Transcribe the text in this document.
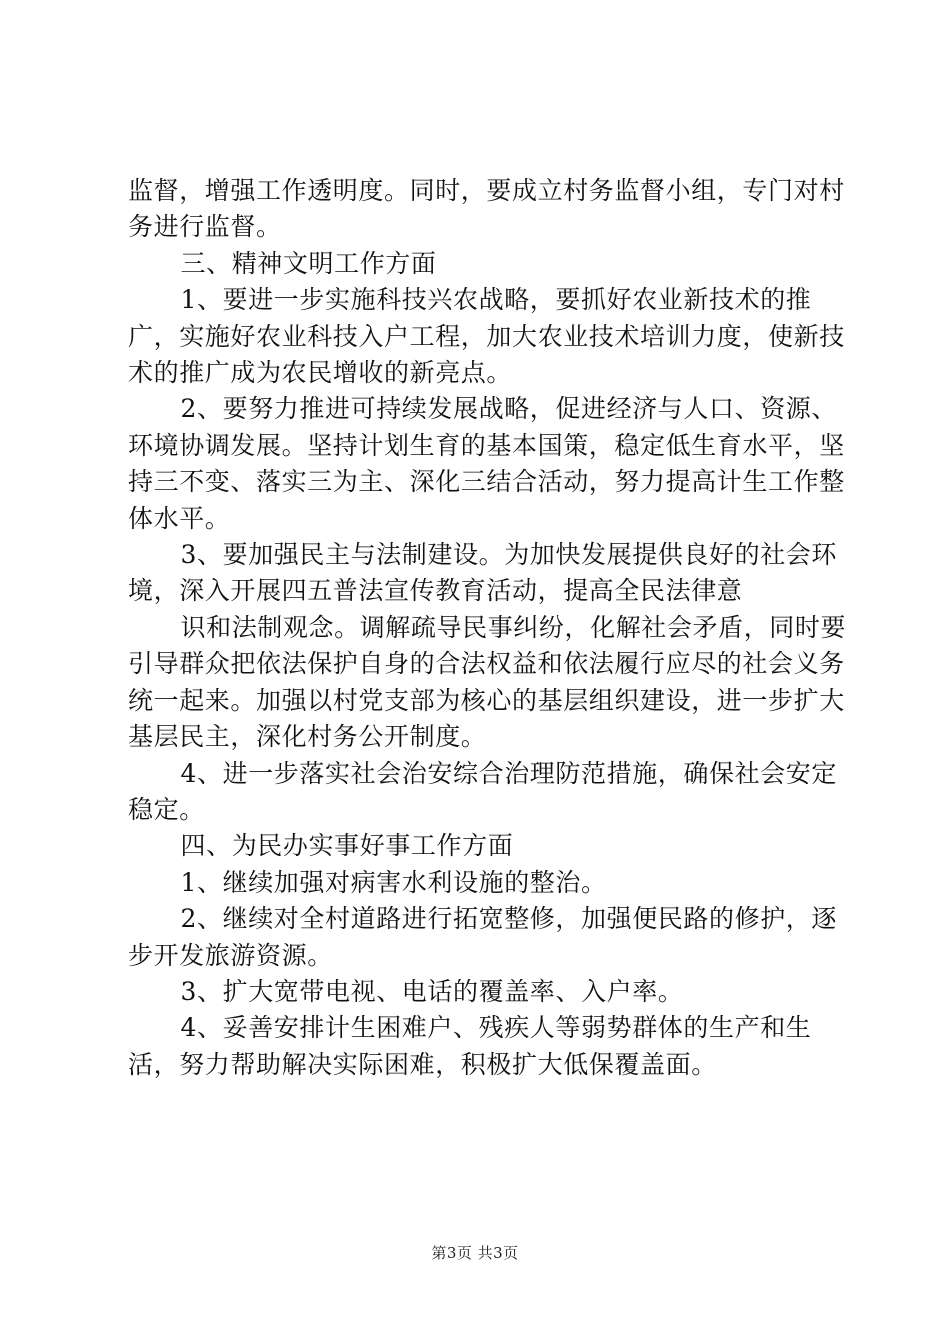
监督，增强工作透明度。同时，要成立村务监督小组，专门对村务进行监督。

三、精神文明工作方面

1、要进一步实施科技兴农战略，要抓好农业新技术的推广，实施好农业科技入户工程，加大农业技术培训力度，使新技术的推广成为农民增收的新亮点。

2、要努力推进可持续发展战略，促进经济与人口、资源、环境协调发展。坚持计划生育的基本国策，稳定低生育水平，坚持三不变、落实三为主、深化三结合活动，努力提高计生工作整体水平。

3、要加强民主与法制建设。为加快发展提供良好的社会环境，深入开展四五普法宣传教育活动，提高全民法律意

识和法制观念。调解疏导民事纠纷，化解社会矛盾，同时要引导群众把依法保护自身的合法权益和依法履行应尽的社会义务统一起来。加强以村党支部为核心的基层组织建设，进一步扩大基层民主，深化村务公开制度。

4、进一步落实社会治安综合治理防范措施，确保社会安定稳定。

四、为民办实事好事工作方面

1、继续加强对病害水利设施的整治。

2、继续对全村道路进行拓宽整修，加强便民路的修护，逐步开发旅游资源。

3、扩大宽带电视、电话的覆盖率、入户率。

4、妥善安排计生困难户、残疾人等弱势群体的生产和生活，努力帮助解决实际困难，积极扩大低保覆盖面。

第3页 共3页
